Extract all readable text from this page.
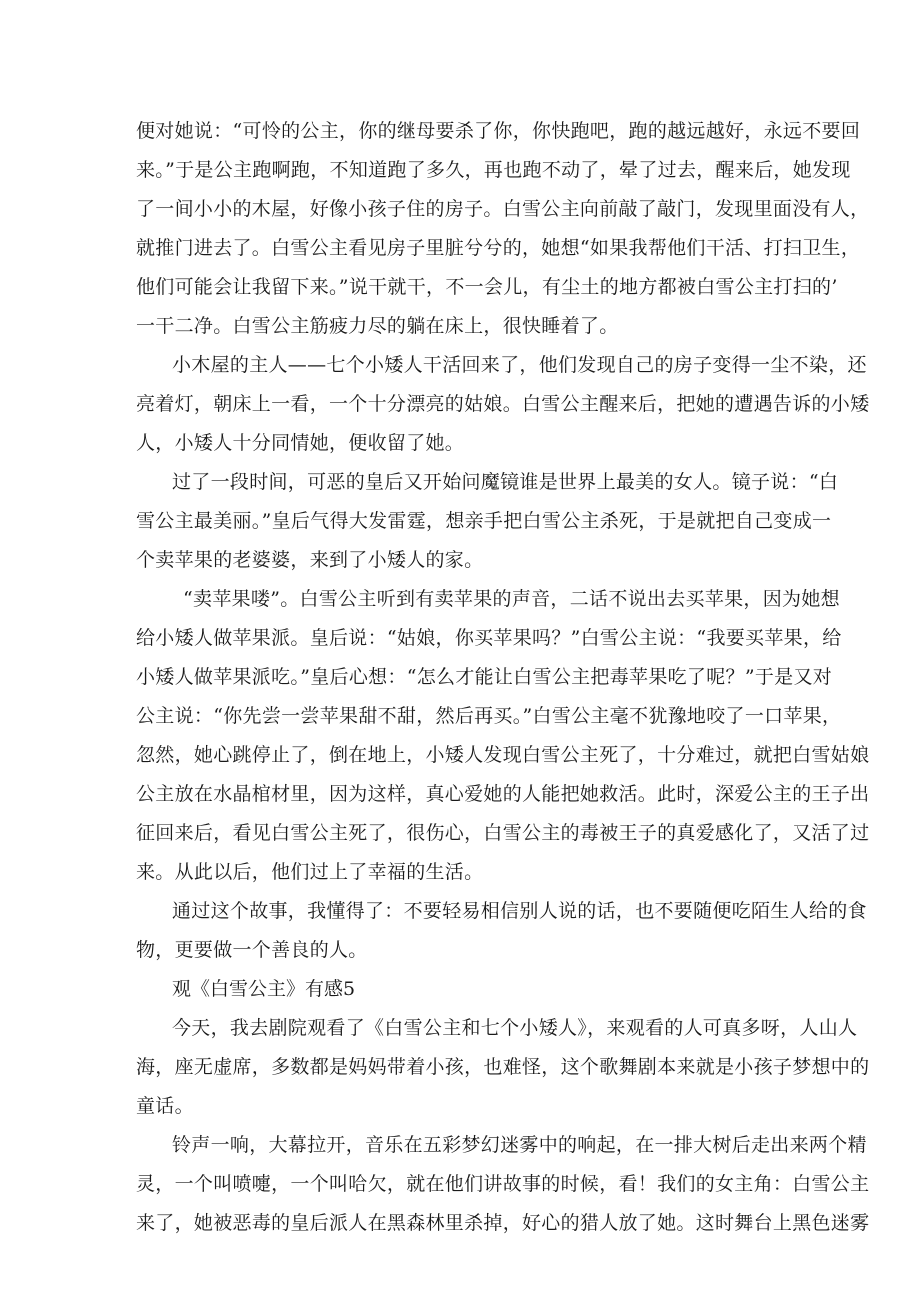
便对她说：“可怜的公主，你的继母要杀了你，你快跑吧，跑的越远越好，永远不要回
来。”于是公主跑啊跑，不知道跑了多久，再也跑不动了，晕了过去，醒来后，她发现
了一间小小的木屋，好像小孩子住的房子。白雪公主向前敲了敲门，发现里面没有人，
就推门进去了。白雪公主看见房子里脏兮兮的，她想“如果我帮他们干活、打扫卫生，
他们可能会让我留下来。”说干就干，不一会儿，有尘土的地方都被白雪公主打扫的’
一干二净。白雪公主筋疲力尽的躺在床上，很快睡着了。
小木屋的主人——七个小矮人干活回来了，他们发现自己的房子变得一尘不染，还
亮着灯，朝床上一看，一个十分漂亮的姑娘。白雪公主醒来后，把她的遭遇告诉的小矮
人，小矮人十分同情她，便收留了她。
过了一段时间，可恶的皇后又开始问魔镜谁是世界上最美的女人。镜子说：“白
雪公主最美丽。”皇后气得大发雷霆，想亲手把白雪公主杀死，于是就把自己变成一
个卖苹果的老婆婆，来到了小矮人的家。
“卖苹果喽”。白雪公主听到有卖苹果的声音，二话不说出去买苹果，因为她想
给小矮人做苹果派。皇后说：“姑娘，你买苹果吗？”白雪公主说：“我要买苹果，给
小矮人做苹果派吃。”皇后心想：“怎么才能让白雪公主把毒苹果吃了呢？”于是又对
公主说：“你先尝一尝苹果甜不甜，然后再买。”白雪公主毫不犹豫地咬了一口苹果，
忽然，她心跳停止了，倒在地上，小矮人发现白雪公主死了，十分难过，就把白雪姑娘
公主放在水晶棺材里，因为这样，真心爱她的人能把她救活。此时，深爱公主的王子出
征回来后，看见白雪公主死了，很伤心，白雪公主的毒被王子的真爱感化了，又活了过
来。从此以后，他们过上了幸福的生活。
通过这个故事，我懂得了：不要轻易相信别人说的话，也不要随便吃陌生人给的食
物，更要做一个善良的人。
观《白雪公主》有感5
今天，我去剧院观看了《白雪公主和七个小矮人》，来观看的人可真多呀，人山人
海，座无虚席，多数都是妈妈带着小孩，也难怪，这个歌舞剧本来就是小孩子梦想中的
童话。
铃声一响，大幕拉开，音乐在五彩梦幻迷雾中的响起，在一排大树后走出来两个精
灵，一个叫喷嚏，一个叫哈欠，就在他们讲故事的时候，看！我们的女主角：白雪公主
来了，她被恶毒的皇后派人在黑森林里杀掉，好心的猎人放了她。这时舞台上黑色迷雾
